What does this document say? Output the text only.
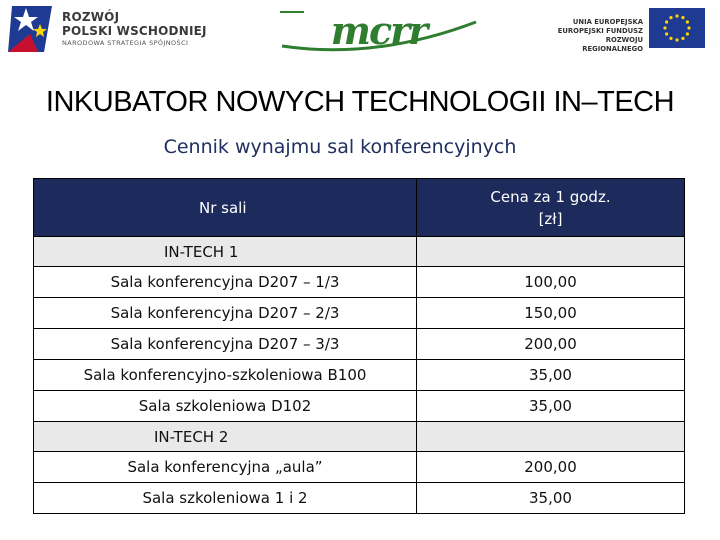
ROZWÓJ
POLSKI WSCHODNIEJ
NARODOWA STRATEGIA SPÓJNOŚCI	mcrr	UNIA EUROPEJSKA
EUROPEJSKI FUNDUSZ
ROZWOJU REGIONALNEGO
INKUBATOR NOWYCH TECHNOLOGII IN–TECH
Cennik wynajmu sal konferencyjnych
Nr sali	Cena za 1 godz.
[zł]
IN-TECH 1	
Sala konferencyjna D207 – 1/3	100,00
Sala konferencyjna D207 – 2/3	150,00
Sala konferencyjna D207 – 3/3	200,00
Sala konferencyjno-szkoleniowa B100	35,00
Sala szkoleniowa D102	35,00
IN-TECH 2	
Sala konferencyjna „aula”	200,00
Sala szkoleniowa 1 i 2	35,00
